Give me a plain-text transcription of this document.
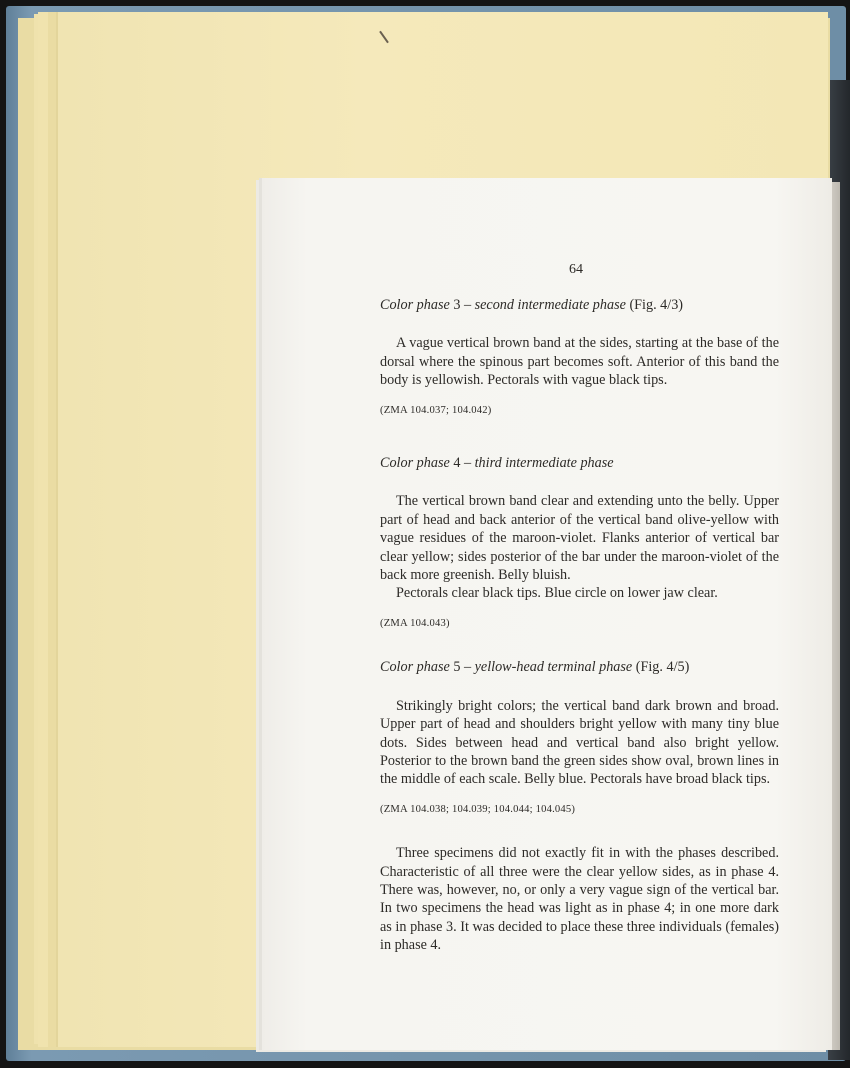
64

Color phase 3 – second intermediate phase (Fig. 4/3)

A vague vertical brown band at the sides, starting at the base of the dorsal where the spinous part becomes soft. Anterior of this band the body is yellowish. Pectorals with vague black tips.

(ZMA 104.037; 104.042)

Color phase 4 – third intermediate phase

The vertical brown band clear and extending unto the belly. Upper part of head and back anterior of the vertical band olive-yellow with vague residues of the maroon-violet. Flanks anterior of vertical bar clear yellow; sides posterior of the bar under the maroon-violet of the back more greenish. Belly bluish.

Pectorals clear black tips. Blue circle on lower jaw clear.

(ZMA 104.043)

Color phase 5 – yellow-head terminal phase (Fig. 4/5)

Strikingly bright colors; the vertical band dark brown and broad. Upper part of head and shoulders bright yellow with many tiny blue dots. Sides between head and vertical band also bright yellow. Posterior to the brown band the green sides show oval, brown lines in the middle of each scale. Belly blue. Pectorals have broad black tips.

(ZMA 104.038; 104.039; 104.044; 104.045)

Three specimens did not exactly fit in with the phases described. Characteristic of all three were the clear yellow sides, as in phase 4. There was, however, no, or only a very vague sign of the vertical bar. In two specimens the head was light as in phase 4; in one more dark as in phase 3. It was decided to place these three individuals (females) in phase 4.
